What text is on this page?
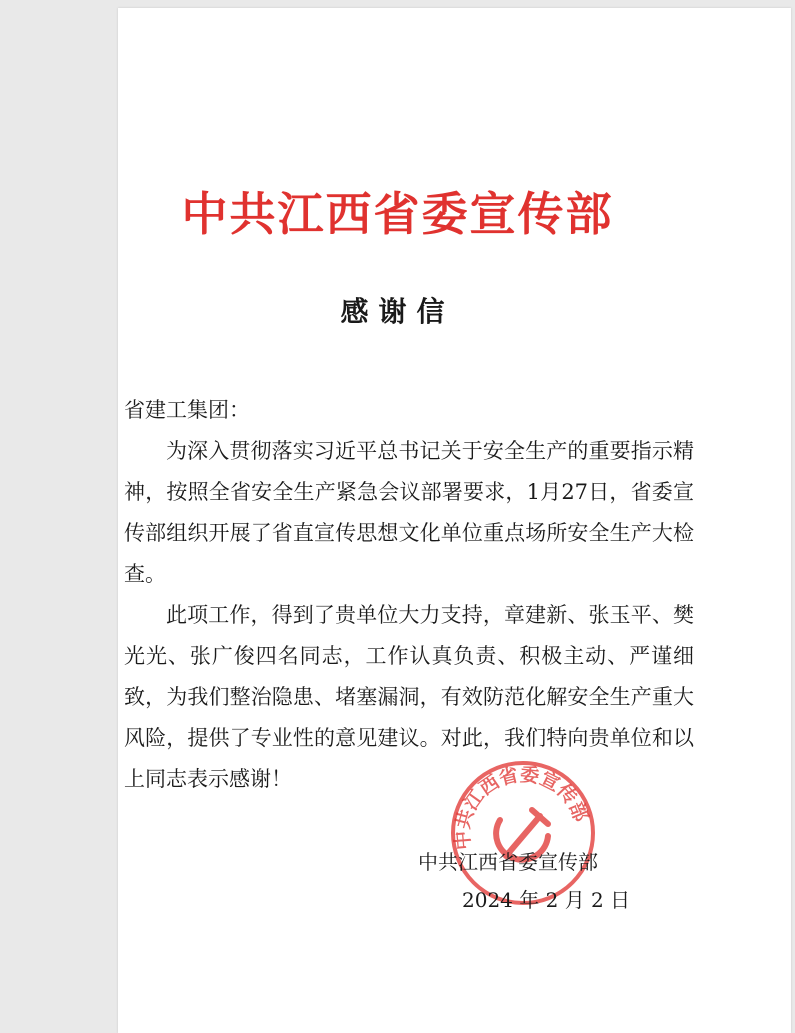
中共江西省委宣传部
感谢信

省建工集团：

为深入贯彻落实习近平总书记关于安全生产的重要指示精神，按照全省安全生产紧急会议部署要求，1月27日，省委宣传部组织开展了省直宣传思想文化单位重点场所安全生产大检查。

此项工作，得到了贵单位大力支持，章建新、张玉平、樊光光、张广俊四名同志，工作认真负责、积极主动、严谨细致，为我们整治隐患、堵塞漏洞，有效防范化解安全生产重大风险，提供了专业性的意见建议。对此，我们特向贵单位和以上同志表示感谢！

中共江西省委宣传部
中共江西省委宣传部
2024 年 2 月 2 日
